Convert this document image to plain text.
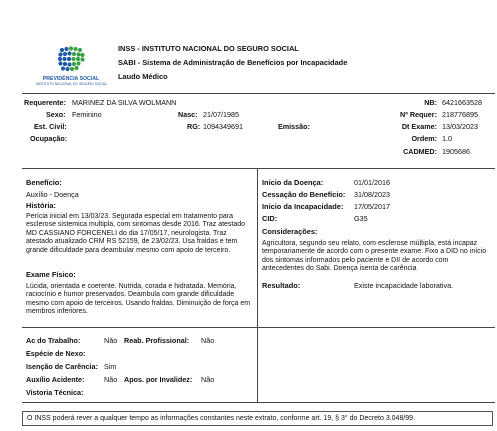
PREVIDÊNCIA SOCIAL
INSTITUTO NACIONAL DO SEGURO SOCIAL
INSS - INSTITUTO NACIONAL DO SEGURO SOCIAL
SABI - Sistema de Administração de Benefícios por Incapacidade
Laudo Médico
Requerente: MARINEZ DA SILVA WOLMANN
Sexo: Feminino	Nasc: 21/07/1985
Est. Civil:	RG: 1094349691	Emissão:
Ocupação:
NB: 6421663528
Nº Requer: 218776895
Dt Exame: 13/03/2023
Ordem: 1.0
CADMED: 1905686
Benefício:
Auxílio - Doença
História:
Perícia inicial em 13/03/23. Segurada especial em tratamento para esclerose sistemica multipla, com sintomas desde 2016. Traz atestado MD CASSIANO FORCENELI do dia 17/05/17, neurologista. Traz atestado atualizado CRM RS 52159, de 23/02/23. Usa fraldas e tem grande dificuldade para deambular mesmo com apoio de terceiro.
Exame Físico:
Lúcida, orientada e coerente. Nutrida, corada e hidratada. Memória, raciocínio e humor preservados. Deambula com grande dificuldade mesmo com apoio de terceiros. Usando fraldas. Diminuição de força em membros inferiores.
Início da Doença:	01/01/2016
Cessação do Benefício: 31/08/2023
Início da Incapacidade: 17/05/2017
CID:	G35
Considerações:
Agricultora, segundo seu relato, com esclerose múltipla, está incapaz temporariamente de acordo com o presente exame. Fixo a DID no início dos sintomas informados pelo paciente e DII de acordo com antecedentes do Sabi. Doença isenta de carência
Resultado:	Existe incapacidade laborativa.
Ac do Trabalho:	Não Reab. Profissional: Não
Espécie de Nexo:
Isenção de Carência: Sim
Auxílio Acidente:	Não Apos. por Invalidez: Não
Vistoria Técnica:
O INSS poderá rever a qualquer tempo as informações constantes neste extrato, conforme art. 19, § 3° do Decreto 3.048/99.
